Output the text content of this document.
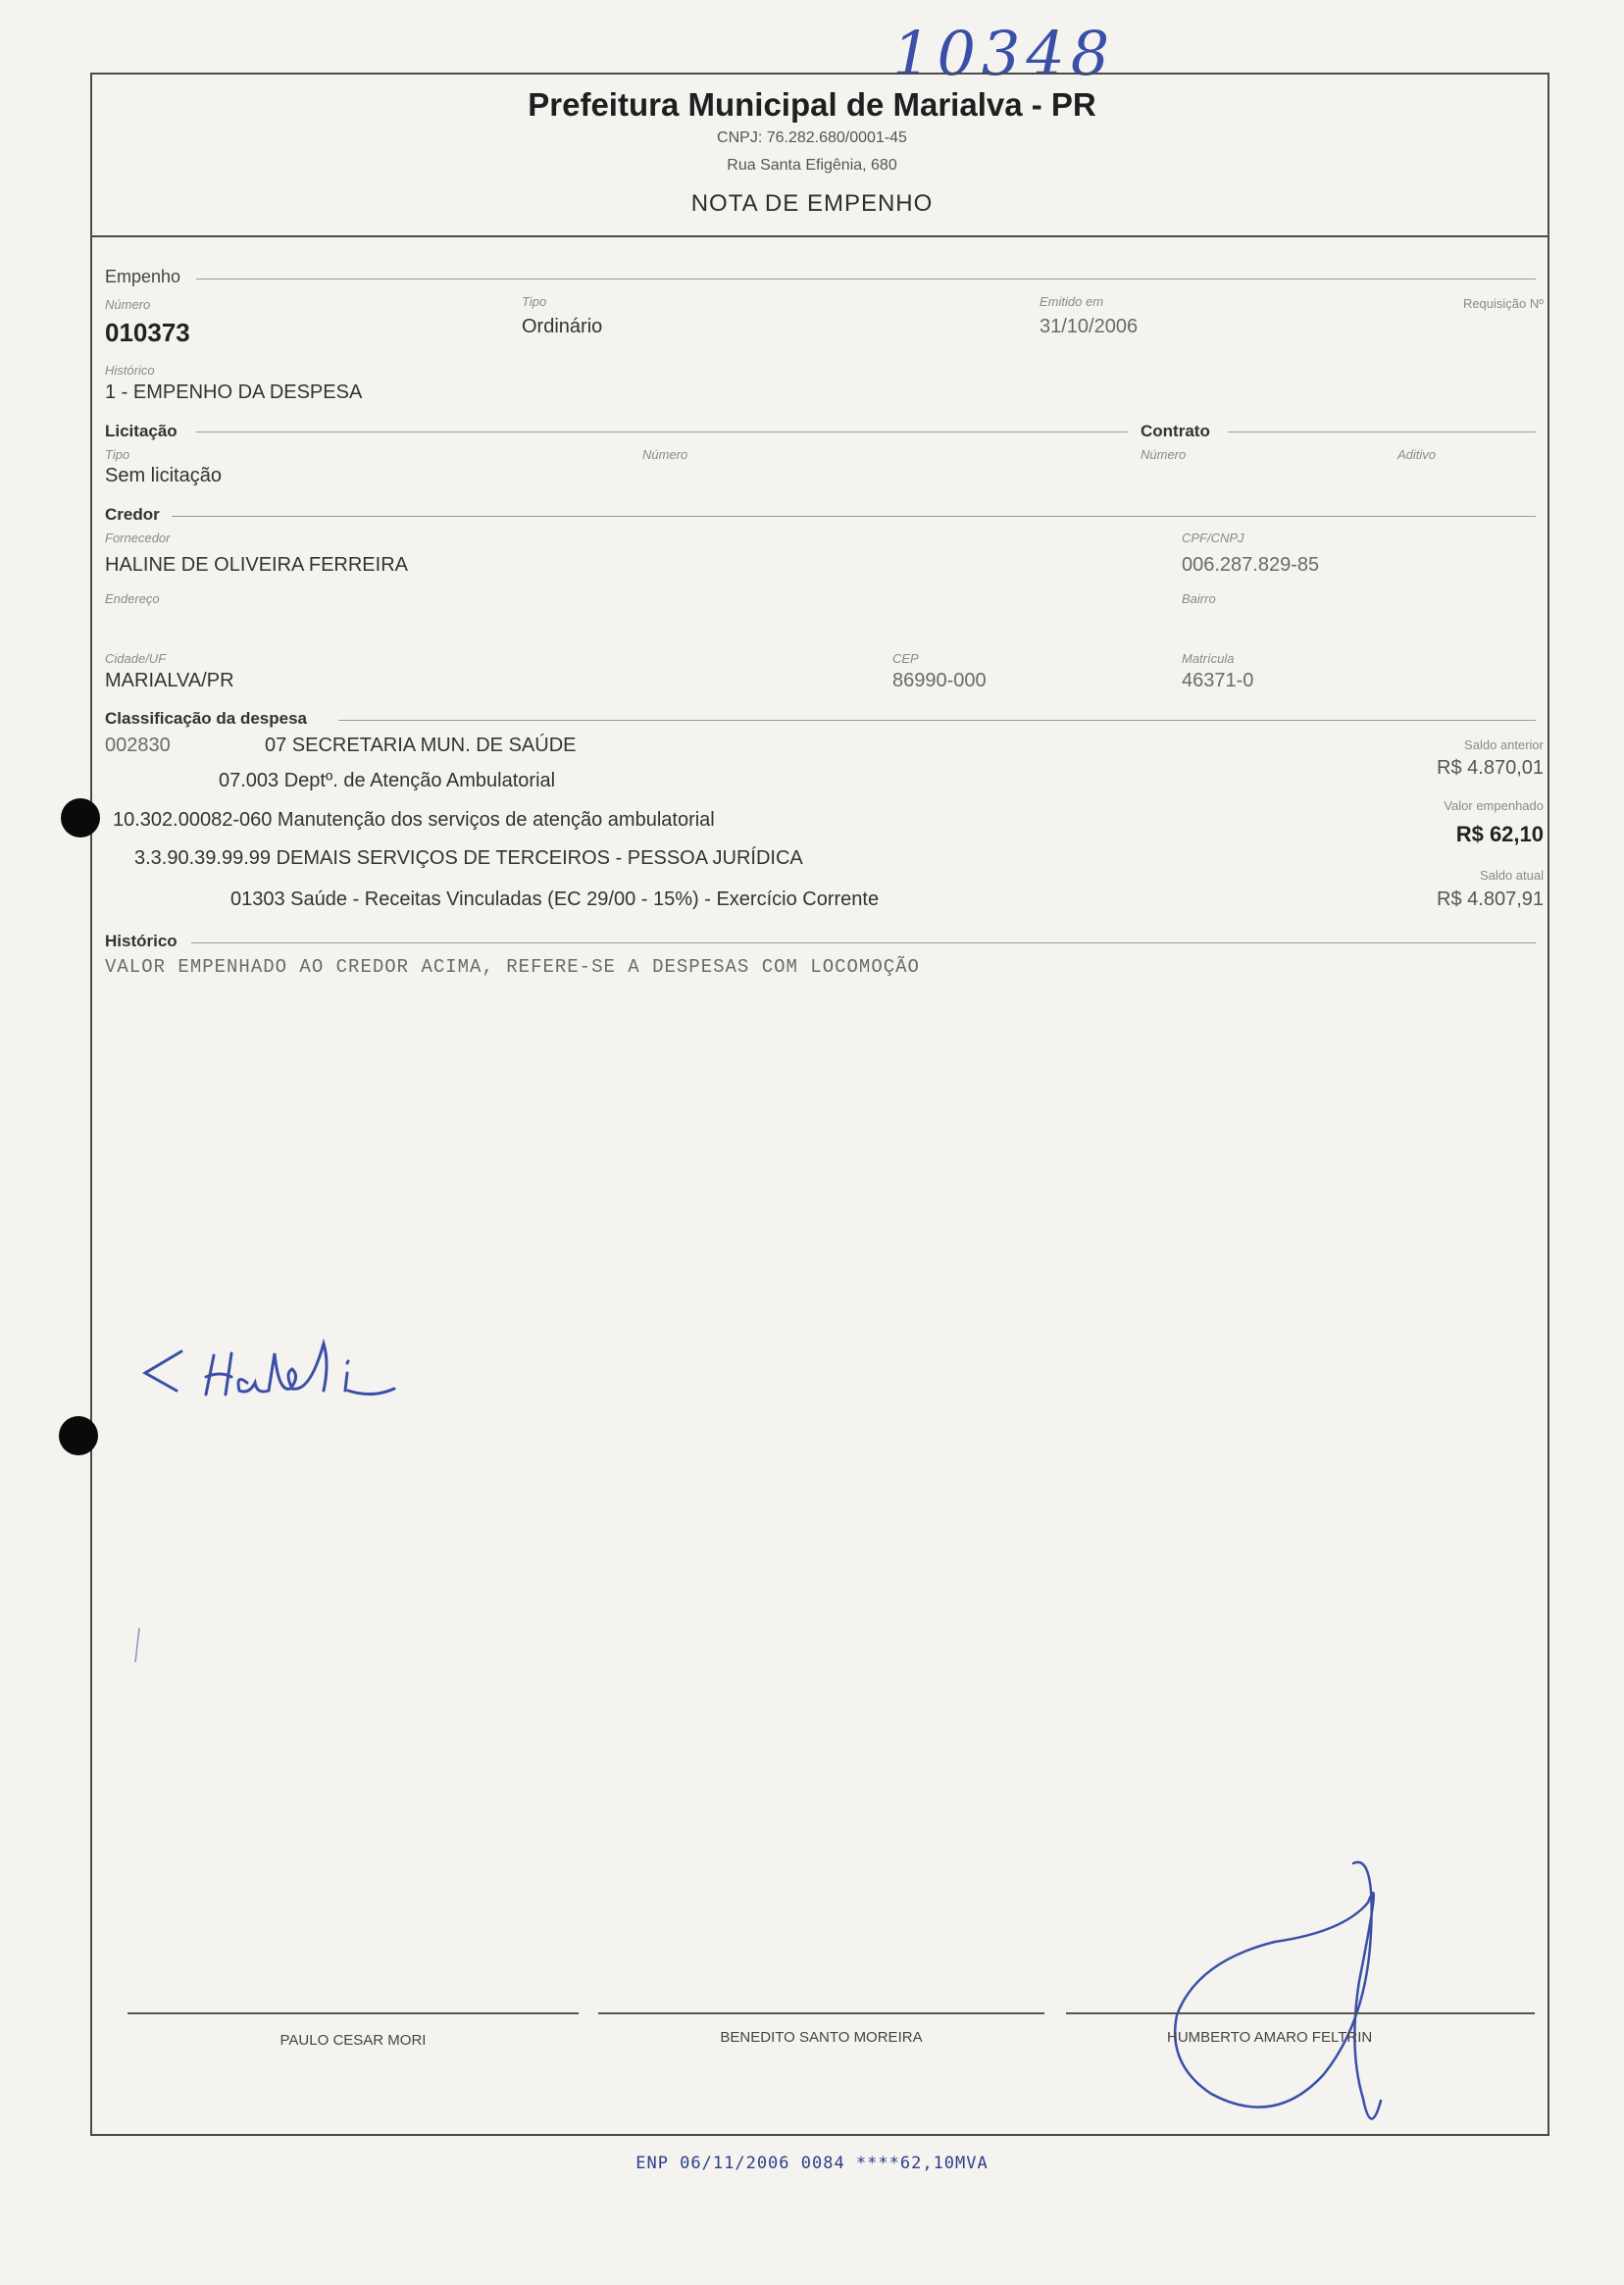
10348
Prefeitura Municipal de Marialva - PR
CNPJ: 76.282.680/0001-45
Rua Santa Efigênia, 680
NOTA DE EMPENHO
Empenho
Número
010373
Tipo
Ordinário
Emitido em
31/10/2006
Requisição Nº
Histórico
1 - EMPENHO DA DESPESA
Licitação	Contrato
Tipo
Sem licitação
Número	Número	Aditivo
Credor
Fornecedor
HALINE DE OLIVEIRA FERREIRA
CPF/CNPJ
006.287.829-85
Endereço	Bairro
Cidade/UF
MARIALVA/PR
CEP
86990-000
Matrícula
46371-0
Classificação da despesa
002830	07 SECRETARIA MUN. DE SAÚDE
07.003 Deptº. de Atenção Ambulatorial
10.302.00082-060 Manutenção dos serviços de atenção ambulatorial
3.3.90.39.99.99 DEMAIS SERVIÇOS DE TERCEIROS - PESSOA JURÍDICA
01303 Saúde - Receitas Vinculadas (EC 29/00 - 15%) - Exercício Corrente
Saldo anterior
R$ 4.870,01
Valor empenhado
R$ 62,10
Saldo atual
R$ 4.807,91
Histórico
VALOR EMPENHADO AO CREDOR ACIMA, REFERE-SE A DESPESAS COM LOCOMOÇÃO
PAULO CESAR MORI	BENEDITO SANTO MOREIRA	HUMBERTO AMARO FELTRIN
ENP 06/11/2006 0084 ****62,10MVA
